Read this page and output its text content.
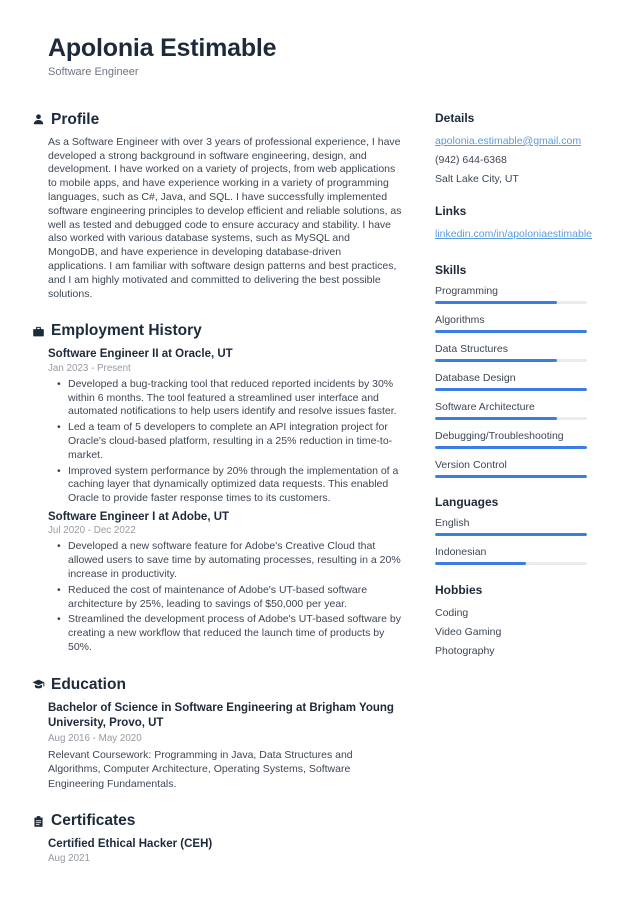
Apolonia Estimable
Software Engineer
Profile
As a Software Engineer with over 3 years of professional experience, I have developed a strong background in software engineering, design, and development. I have worked on a variety of projects, from web applications to mobile apps, and have experience working in a variety of programming languages, such as C#, Java, and SQL. I have successfully implemented software engineering principles to develop efficient and reliable solutions, as well as tested and debugged code to ensure accuracy and stability. I have also worked with various database systems, such as MySQL and MongoDB, and have experience in developing database-driven applications. I am familiar with software design patterns and best practices, and I am highly motivated and committed to delivering the best possible solutions.
Employment History
Software Engineer II at Oracle, UT
Jan 2023 - Present
• Developed a bug-tracking tool that reduced reported incidents by 30% within 6 months. The tool featured a streamlined user interface and automated notifications to help users identify and resolve issues faster.
• Led a team of 5 developers to complete an API integration project for Oracle's cloud-based platform, resulting in a 25% reduction in time-to-market.
• Improved system performance by 20% through the implementation of a caching layer that dynamically optimized data requests. This enabled Oracle to provide faster response times to its customers.
Software Engineer I at Adobe, UT
Jul 2020 - Dec 2022
• Developed a new software feature for Adobe's Creative Cloud that allowed users to save time by automating processes, resulting in a 20% increase in productivity.
• Reduced the cost of maintenance of Adobe's UT-based software architecture by 25%, leading to savings of $50,000 per year.
• Streamlined the development process of Adobe's UT-based software by creating a new workflow that reduced the launch time of products by 50%.
Education
Bachelor of Science in Software Engineering at Brigham Young University, Provo, UT
Aug 2016 - May 2020
Relevant Coursework: Programming in Java, Data Structures and Algorithms, Computer Architecture, Operating Systems, Software Engineering Fundamentals.
Certificates
Certified Ethical Hacker (CEH)
Aug 2021
Details
apolonia.estimable@gmail.com
(942) 644-6368
Salt Lake City, UT
Links
linkedin.com/in/apoloniaestimable
Skills
Programming
Algorithms
Data Structures
Database Design
Software Architecture
Debugging/Troubleshooting
Version Control
Languages
English
Indonesian
Hobbies
Coding
Video Gaming
Photography
